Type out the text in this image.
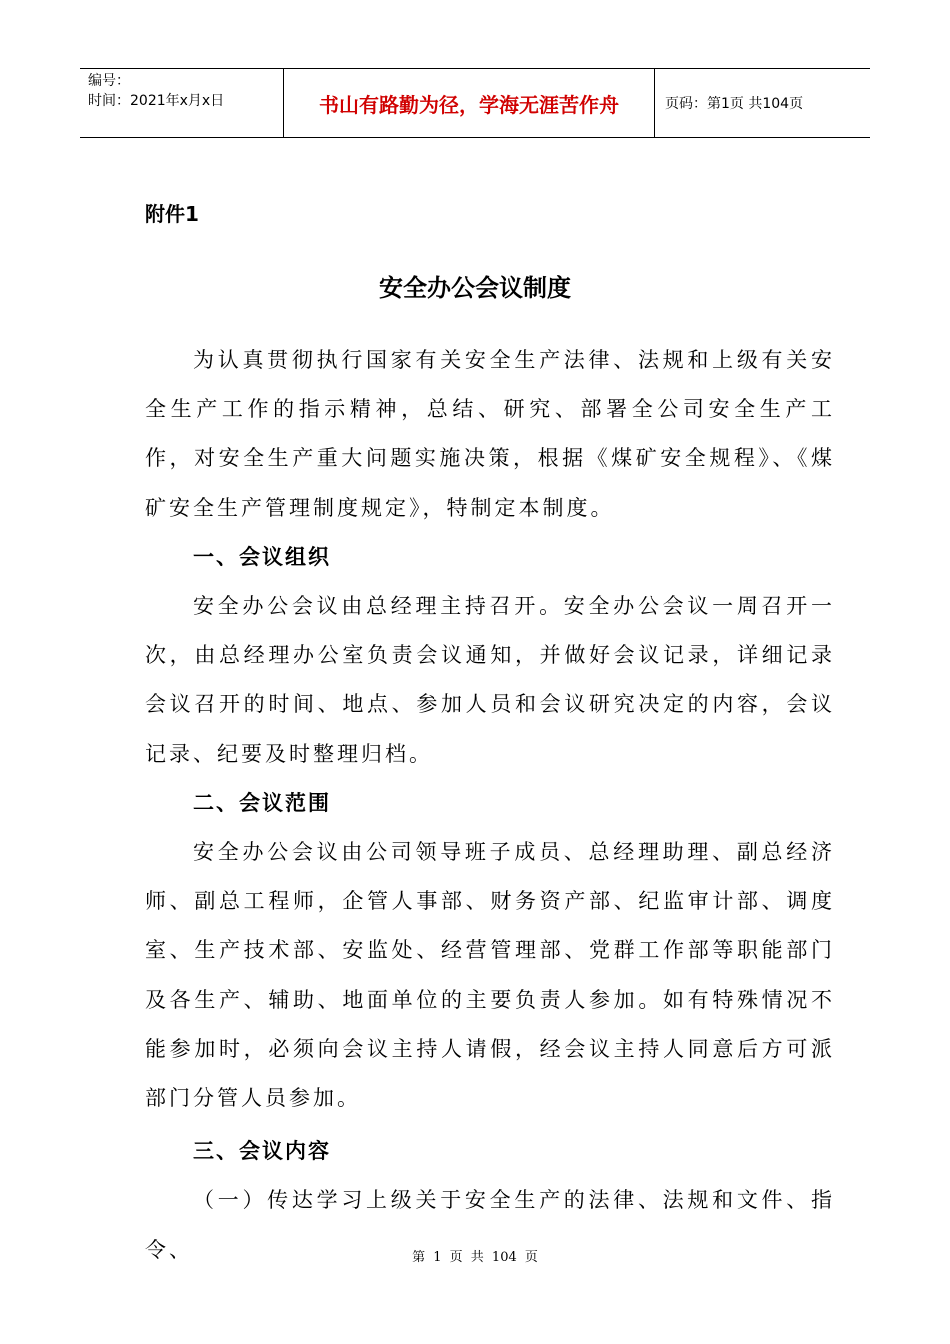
编号：
时间：2021年x月x日	书山有路勤为径，学海无涯苦作舟	页码：第1页 共104页
附件1
安全办公会议制度

为认真贯彻执行国家有关安全生产法律、法规和上级有关安全生产工作的指示精神，总结、研究、部署全公司安全生产工作，对安全生产重大问题实施决策，根据《煤矿安全规程》、《煤矿安全生产管理制度规定》，特制定本制度。

一、会议组织

安全办公会议由总经理主持召开。安全办公会议一周召开一次，由总经理办公室负责会议通知，并做好会议记录，详细记录会议召开的时间、地点、参加人员和会议研究决定的内容，会议记录、纪要及时整理归档。

二、会议范围

安全办公会议由公司领导班子成员、总经理助理、副总经济师、副总工程师，企管人事部、财务资产部、纪监审计部、调度室、生产技术部、安监处、经营管理部、党群工作部等职能部门及各生产、辅助、地面单位的主要负责人参加。如有特殊情况不能参加时，必须向会议主持人请假，经会议主持人同意后方可派部门分管人员参加。

三、会议内容

（一）传达学习上级关于安全生产的法律、法规和文件、指令、	第 1 页 共 104 页
